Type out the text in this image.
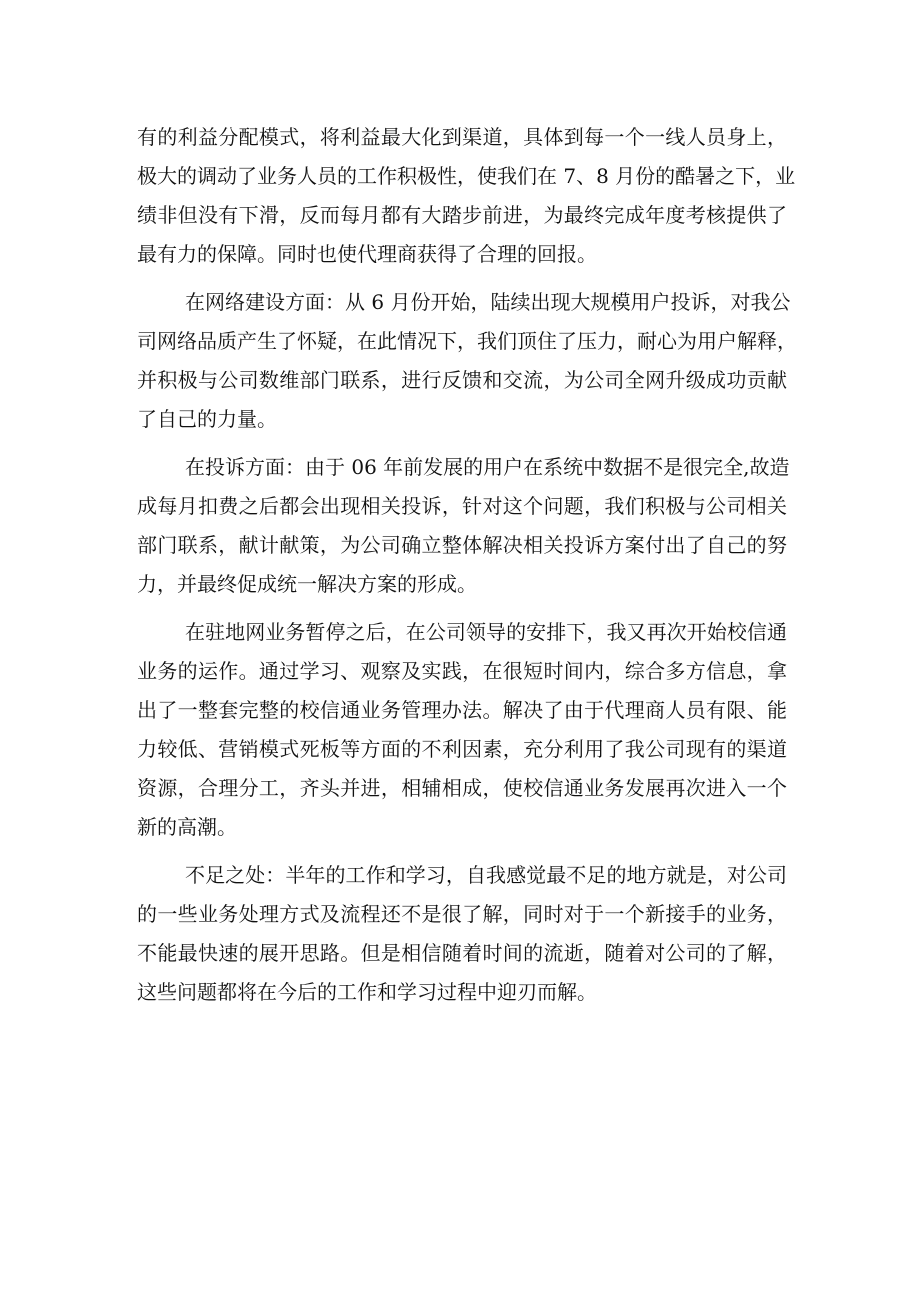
有的利益分配模式，将利益最大化到渠道，具体到每一个一线人员身上，
极大的调动了业务人员的工作积极性，使我们在 7、8 月份的酷暑之下，业
绩非但没有下滑，反而每月都有大踏步前进，为最终完成年度考核提供了
最有力的保障。同时也使代理商获得了合理的回报。

在网络建设方面：从 6 月份开始，陆续出现大规模用户投诉，对我公
司网络品质产生了怀疑，在此情况下，我们顶住了压力，耐心为用户解释，
并积极与公司数维部门联系，进行反馈和交流，为公司全网升级成功贡献
了自己的力量。

在投诉方面：由于 06 年前发展的用户在系统中数据不是很完全,故造
成每月扣费之后都会出现相关投诉，针对这个问题，我们积极与公司相关
部门联系，献计献策，为公司确立整体解决相关投诉方案付出了自己的努
力，并最终促成统一解决方案的形成。

在驻地网业务暂停之后，在公司领导的安排下，我又再次开始校信通
业务的运作。通过学习、观察及实践，在很短时间内，综合多方信息，拿
出了一整套完整的校信通业务管理办法。解决了由于代理商人员有限、能
力较低、营销模式死板等方面的不利因素，充分利用了我公司现有的渠道
资源，合理分工，齐头并进，相辅相成，使校信通业务发展再次进入一个
新的高潮。

不足之处：半年的工作和学习，自我感觉最不足的地方就是，对公司
的一些业务处理方式及流程还不是很了解，同时对于一个新接手的业务，
不能最快速的展开思路。但是相信随着时间的流逝，随着对公司的了解，
这些问题都将在今后的工作和学习过程中迎刃而解。
